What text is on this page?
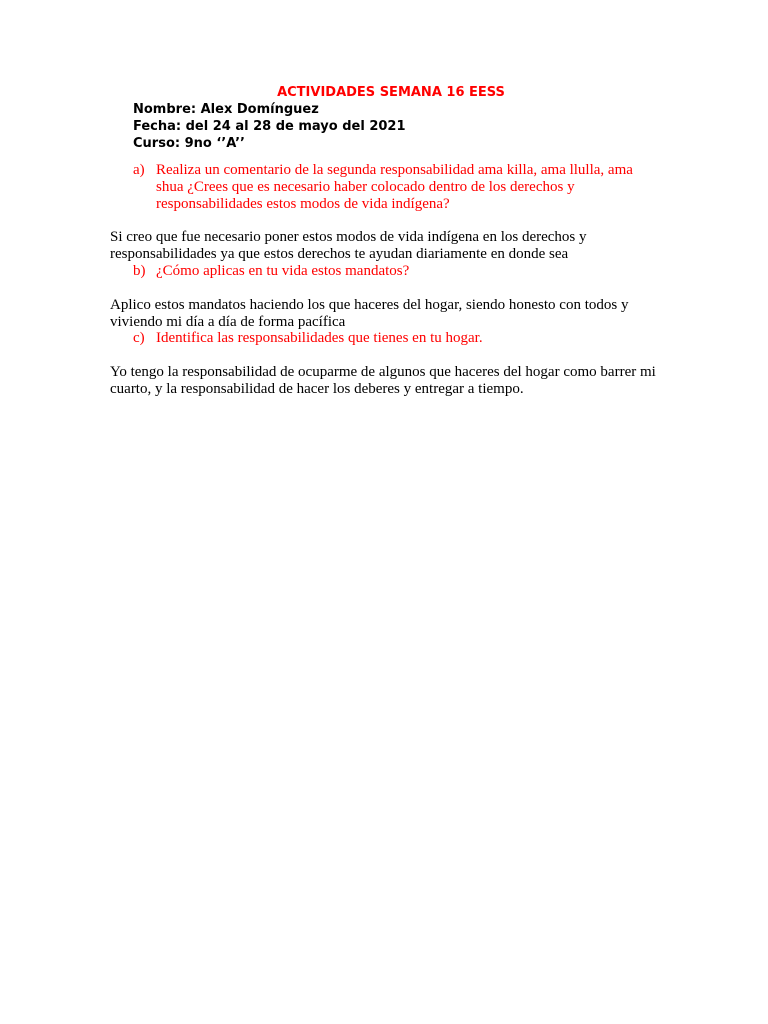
ACTIVIDADES SEMANA 16 EESS

Nombre: Alex Domínguez

Fecha: del 24 al 28 de mayo del 2021

Curso: 9no ‘’A’’

a) Realiza un comentario de la segunda responsabilidad ama killa, ama llulla, ama shua ¿Crees que es necesario haber colocado dentro de los derechos y responsabilidades estos modos de vida indígena?

Si creo que fue necesario poner estos modos de vida indígena en los derechos y responsabilidades ya que estos derechos te ayudan diariamente en donde sea

b) ¿Cómo aplicas en tu vida estos mandatos?

Aplico estos mandatos haciendo los que haceres del hogar, siendo honesto con todos y viviendo mi día a día de forma pacífica

c) Identifica las responsabilidades que tienes en tu hogar.

Yo tengo la responsabilidad de ocuparme de algunos que haceres del hogar como barrer mi cuarto, y la responsabilidad de hacer los deberes y entregar a tiempo.
